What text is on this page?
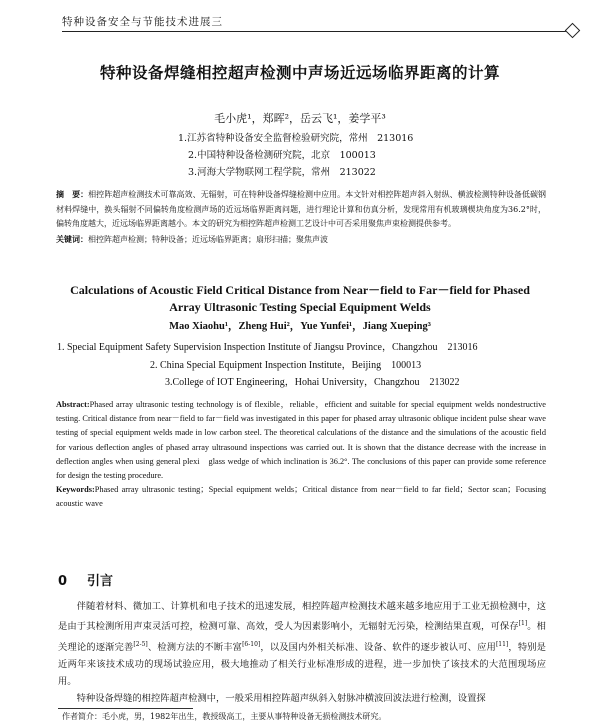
特种设备安全与节能技术进展三
特种设备焊缝相控超声检测中声场近远场临界距离的计算
毛小虎¹，郑晖²，岳云飞¹，姜学平³
1.江苏省特种设备安全监督检验研究院，常州　213016
2.中国特种设备检测研究院，北京　100013
3.河海大学物联网工程学院，常州　213022
摘　要：相控阵超声检测技术可靠高效、无辐射，可在特种设备焊缝检测中应用。本文针对相控阵超声斜入射纵、横波检测特种设备低碳钢材料焊缝中，换头辐射不同偏转角度检测声场的近远场临界距离问题，进行理论计算和仿真分析，发现常用有机玻璃楔块角度为36.2°时，偏转角度越大，近远场临界距离越小。本文的研究为相控阵超声检测工艺设计中可否采用聚焦声束检测提供参考。
关键词：相控阵超声检测；特种设备；近远场临界距离；扇形扫描；聚焦声波
Calculations of Acoustic Field Critical Distance from Near－field to Far－field for Phased
Array Ultrasonic Testing Special Equipment Welds
Mao Xiaohu¹，Zheng Hui²，Yue Yunfei¹，Jiang Xueping³
1. Special Equipment Safety Supervision Inspection Institute of Jiangsu Province，Changzhou　213016
2. China Special Equipment Inspection Institute，Beijing　100013
3.College of IOT Engineering，Hohai University，Changzhou　213022
Abstract:Phased array ultrasonic testing technology is of flexible，reliable，efficient and suitable for special equipment welds nondestructive testing. Critical distance from near－field to far－field was investigated in this paper for phased array ultrasonic oblique incident pulse shear wave testing of special equipment welds made in low carbon steel. The theoretical calculations of the distance and the simulations of the acoustic field for various deflection angles of phased array ultrasound inspections was carried out. It is shown that the distance decrease with the increase in deflection angles when using general plexi　glass wedge of which inclination is 36.2°. The conclusions of this paper can provide some reference for design the testing procedure.
Keywords:Phased array ultrasonic testing；Special equipment welds；Critical distance from near－field to far field；Sector scan；Focusing acoustic wave
0 引言

伴随着材料、微加工、计算机和电子技术的迅速发展，相控阵超声检测技术越来越多地应用于工业无损检测中，这是由于其检测所用声束灵活可控，检测可靠、高效，受人为因素影响小，无辐射无污染，检测结果直观，可保存[1]。相关理论的逐渐完善[2-5]、检测方法的不断丰富[6-10]，以及国内外相关标准、设备、软件的逐步被认可、应用[11]，特别是近两年来该技术成功的现场试验应用，极大地推动了相关行业标准形成的进程，进一步加快了该技术的大范围现场应用。

特种设备焊缝的相控阵超声检测中，一般采用相控阵超声纵斜入射脉冲横波回波法进行检测，设置探

作者简介：毛小虎，男，1982年出生，教授级高工，主要从事特种设备无损检测技术研究。
